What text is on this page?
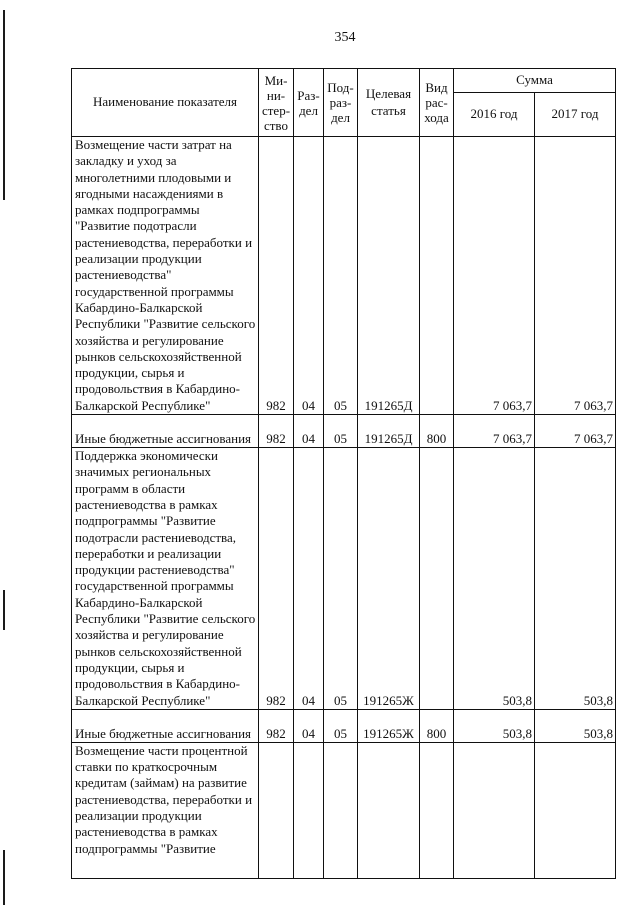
354
Наименование показателя	Ми-ни-стер-ство	Раз-дел	Под-раз-дел	Целевая статья	Вид рас-хода	Сумма	
						2016 год	2017 год
Возмещение части затрат на закладку и уход за многолетними плодовыми и ягодными насаждениями в рамках подпрограммы "Развитие подотрасли растениеводства, переработки и реализации продукции растениеводства" государственной программы Кабардино-Балкарской Республики "Развитие сельского хозяйства и регулирование рынков сельскохозяйственной продукции, сырья и продовольствия в Кабардино-Балкарской Республике"	982	04	05	191265Д		7 063,7	7 063,7
Иные бюджетные ассигнования	982	04	05	191265Д	800	7 063,7	7 063,7
Поддержка экономически значимых региональных программ в области растениеводства в рамках подпрограммы "Развитие подотрасли растениеводства, переработки и реализации продукции растениеводства" государственной программы Кабардино-Балкарской Республики "Развитие сельского хозяйства и регулирование рынков сельскохозяйственной продукции, сырья и продовольствия в Кабардино-Балкарской Республике"	982	04	05	191265Ж		503,8	503,8
Иные бюджетные ассигнования	982	04	05	191265Ж	800	503,8	503,8
Возмещение части процентной ставки по краткосрочным кредитам (займам) на развитие растениеводства, переработки и реализации продукции растениеводства в рамках подпрограммы "Развитие							
